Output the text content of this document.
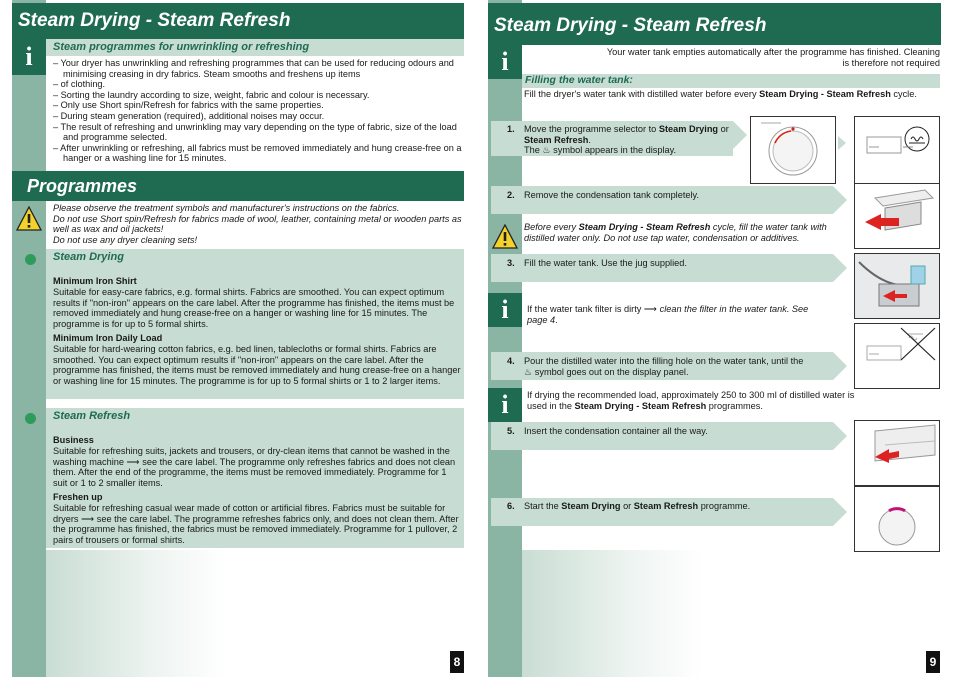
Steam Drying - Steam Refresh
i	Steam programmes for unwrinkling or refreshing
– Your dryer has unwrinkling and refreshing programmes that can be used for reducing odours and minimising creasing in dry fabrics. Steam smooths and freshens up items
– of clothing.
– Sorting the laundry according to size, weight, fabric and colour is necessary.
– Only use Short spin/Refresh for fabrics with the same properties.
– During steam generation (required), additional noises may occur.
– The result of refreshing and unwrinkling may vary depending on the type of fabric, size of the load and programme selected.
– After unwrinkling or refreshing, all fabrics must be removed immediately and hung crease-free on a hanger or a washing line for 15 minutes.
Programmes
Please observe the treatment symbols and manufacturer's instructions on the fabrics.
Do not use Short spin/Refresh for fabrics made of wool, leather, containing metal or wooden parts as well as wax and oil jackets!
Do not use any dryer cleaning sets!
Steam Drying
Minimum Iron Shirt
Suitable for easy-care fabrics, e.g. formal shirts. Fabrics are smoothed. You can expect optimum results if "non-iron" appears on the care label. After the programme has finished, the items must be removed immediately and hung crease-free on a hanger or washing line for 15 minutes. The programme is for up to 5 formal shirts.
Minimum Iron Daily Load
Suitable for hard-wearing cotton fabrics, e.g. bed linen, tablecloths or formal shirts. Fabrics are smoothed. You can expect optimum results if "non-iron" appears on the care label. After the programme has finished, the items must be removed immediately and hung crease-free on a hanger or washing line for 15 minutes. The programme is for up to 5 formal shirts or 1 to 2 larger items.
Steam Refresh
Business
Suitable for refreshing suits, jackets and trousers, or dry-clean items that cannot be washed in the washing machine ⟶ see the care label. The programme only refreshes fabrics and does not clean them. After the end of the programme, the items must be removed immediately. Programme for 1 suit or 1 to 2 smaller items.
Freshen up
Suitable for refreshing casual wear made of cotton or artificial fibres. Fabrics must be suitable for dryers ⟶ see the care label. The programme refreshes fabrics only, and does not clean them. After the programme has finished, the fabrics must be removed immediately. Programme for 1 pullover, 2 pairs of trousers or formal shirts.
8
Steam Drying - Steam Refresh
i	Your water tank empties automatically after the programme has finished. Cleaning is therefore not required
Filling the water tank:
Fill the dryer's water tank with distilled water before every Steam Drying - Steam Refresh cycle.
1. Move the programme selector to Steam Drying or Steam Refresh.
The ♨ symbol appears in the display.
2. Remove the condensation tank completely.
Before every Steam Drying - Steam Refresh cycle, fill the water tank with distilled water only. Do not use tap water, condensation or additives.
3. Fill the water tank. Use the jug supplied.
i	If the water tank filter is dirty ⟶ clean the filter in the water tank. See page 4.
4. Pour the distilled water into the filling hole on the water tank, until the ♨ symbol goes out on the display panel.
i	If drying the recommended load, approximately 250 to 300 ml of distilled water is used in the Steam Drying - Steam Refresh programmes.
5. Insert the condensation container all the way.
6. Start the Steam Drying or Steam Refresh programme.
9
